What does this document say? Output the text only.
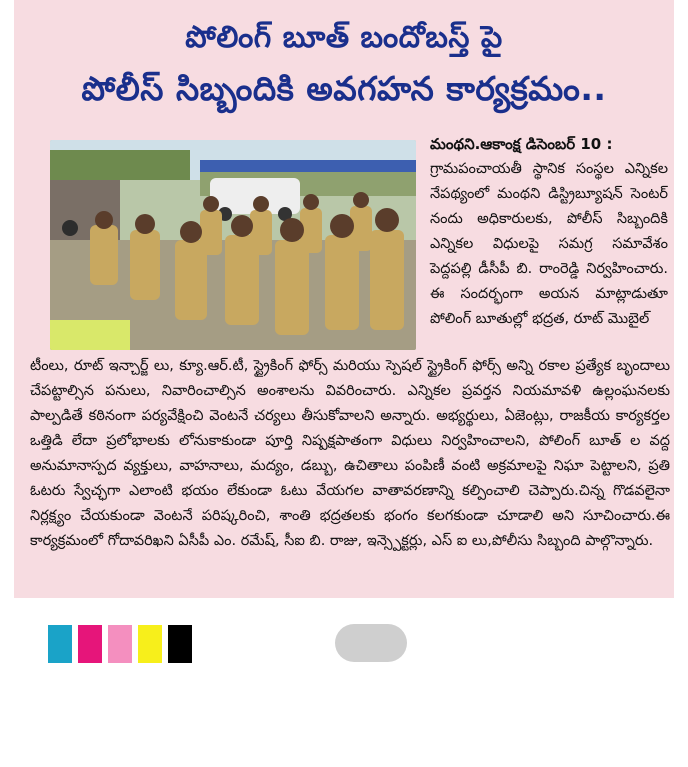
పోలింగ్ బూత్ బందోబస్త్ పై
పోలీస్ సిబ్బందికి అవగహన కార్యక్రమం..
మంథని.ఆకాంక్ష డిసెంబర్ 10 :
గ్రామపంచాయతీ స్థానిక సంస్థల ఎన్నికల నేపథ్యంలో మంథని డిస్ట్రిబ్యూషన్ సెంటర్ నందు అధికారులకు, పోలీస్ సిబ్బందికి ఎన్నికల విధులపై సమగ్ర సమావేశం పెద్దపల్లి డీసీపీ బి. రాంరెడ్డి నిర్వహించారు. ఈ సందర్భంగా అయన మాట్లాడుతూ పోలింగ్ బూతుల్లో భద్రత, రూట్ మొబైల్
టీంలు, రూట్ ఇన్చార్జ్ లు, క్యూ.ఆర్.టీ, స్ట్రైకింగ్ ఫోర్స్ మరియు స్పెషల్ స్ట్రైకింగ్ ఫోర్స్ అన్ని రకాల ప్రత్యేక బృందాలు చేపట్టాల్సిన పనులు, నివారించాల్సిన అంశాలను వివరించారు. ఎన్నికల ప్రవర్తన నియమావళి ఉల్లంఘనలకు పాల్పడితే కఠినంగా పర్యవేక్షించి వెంటనే చర్యలు తీసుకోవాలని అన్నారు. అభ్యర్థులు, ఏజెంట్లు, రాజకీయ కార్యకర్తల ఒత్తిడి లేదా ప్రలోభాలకు లోనుకాకుండా పూర్తి నిష్పక్షపాతంగా విధులు నిర్వహించాలని, పోలింగ్ బూత్ ల వద్ద అనుమానాస్పద వ్యక్తులు, వాహనాలు, మద్యం, డబ్బు, ఉచితాలు పంపిణీ వంటి అక్రమాలపై నిఘా పెట్టాలని, ప్రతి ఓటరు స్వేచ్ఛగా ఎలాంటి భయం లేకుండా ఓటు వేయగల వాతావరణాన్ని కల్పించాలి చెప్పారు.చిన్న గొడవలైనా నిర్లక్ష్యం చేయకుండా వెంటనే పరిష్కరించి, శాంతి భద్రతలకు భంగం కలగకుండా చూడాలి అని సూచించారు.ఈ కార్యక్రమంలో గోదావరిఖని ఏసీపీ ఎం. రమేష్, సీఐ బి. రాజు, ఇన్స్పెక్టర్లు, ఎస్ ఐ లు,పోలీసు సిబ్బంది పాల్గొన్నారు.
